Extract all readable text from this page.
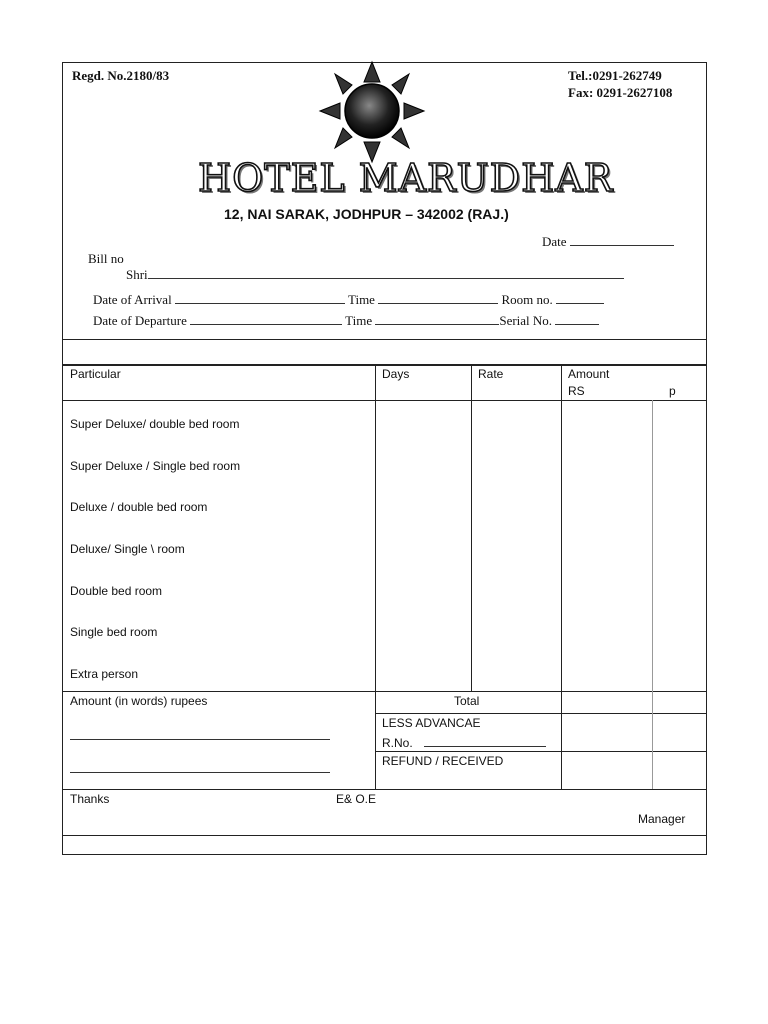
Regd. No.2180/83	Tel.:0291-262749
Fax: 0291-2627108
HOTEL MARUDHAR
12, NAI SARAK, JODHPUR – 342002 (RAJ.)
Date
Bill no
Shri
Date of Arrival	Time	Room no.
Date of Departure	Time	Serial No.
Particular	Days	Rate	Amount
RS	p
Super Deluxe/ double bed room
Super Deluxe / Single bed room
Deluxe / double bed room
Deluxe/ Single \ room
Double bed room
Single bed room
Extra person
Amount (in words) rupees	Total
LESS ADVANCAE
R.No.
REFUND / RECEIVED
Thanks	E& O.E
Manager
